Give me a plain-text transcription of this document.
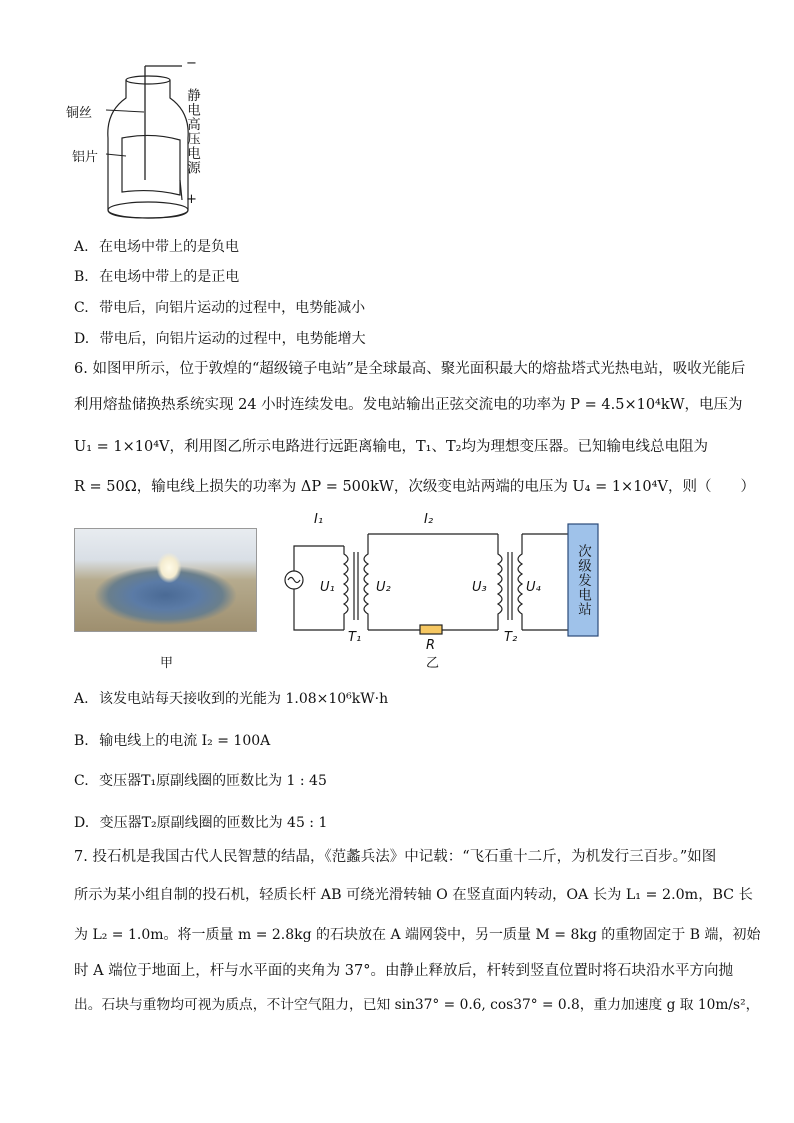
−
+
铜丝
铝片	静电高压电源
A. 在电场中带上的是负电
B. 在电场中带上的是正电
C. 带电后，向铝片运动的过程中，电势能减小
D. 带电后，向铝片运动的过程中，电势能增大
6. 如图甲所示，位于敦煌的“超级镜子电站”是全球最高、聚光面积最大的熔盐塔式光热电站，吸收光能后
利用熔盐储换热系统实现 24 小时连续发电。发电站输出正弦交流电的功率为 P = 4.5×10⁴kW，电压为
U₁ = 1×10⁴V，利用图乙所示电路进行远距离输电，T₁、T₂均为理想变压器。已知输电线总电阻为
R = 50Ω，输电线上损失的功率为 ΔP = 500kW，次级变电站两端的电压为 U₄ = 1×10⁴V，则（　　）
甲
次级发电站
I₁	I₂
U₁	U₂	U₃	U₄
T₁	T₂
R
乙
A. 该发电站每天接收到的光能为 1.08×10⁶kW·h
B. 输电线上的电流 I₂ = 100A
C. 变压器T₁原副线圈的匝数比为 1 : 45
D. 变压器T₂原副线圈的匝数比为 45 : 1
7. 投石机是我国古代人民智慧的结晶，《范蠡兵法》中记载：“飞石重十二斤，为机发行三百步。”如图
所示为某小组自制的投石机，轻质长杆 AB 可绕光滑转轴 O 在竖直面内转动，OA 长为 L₁ = 2.0m，BC 长
为 L₂ = 1.0m。将一质量 m = 2.8kg 的石块放在 A 端网袋中，另一质量 M = 8kg 的重物固定于 B 端，初始
时 A 端位于地面上，杆与水平面的夹角为 37°。由静止释放后，杆转到竖直位置时将石块沿水平方向抛
出。石块与重物均可视为质点，不计空气阻力，已知 sin37° = 0.6, cos37° = 0.8，重力加速度 g 取 10m/s²，
